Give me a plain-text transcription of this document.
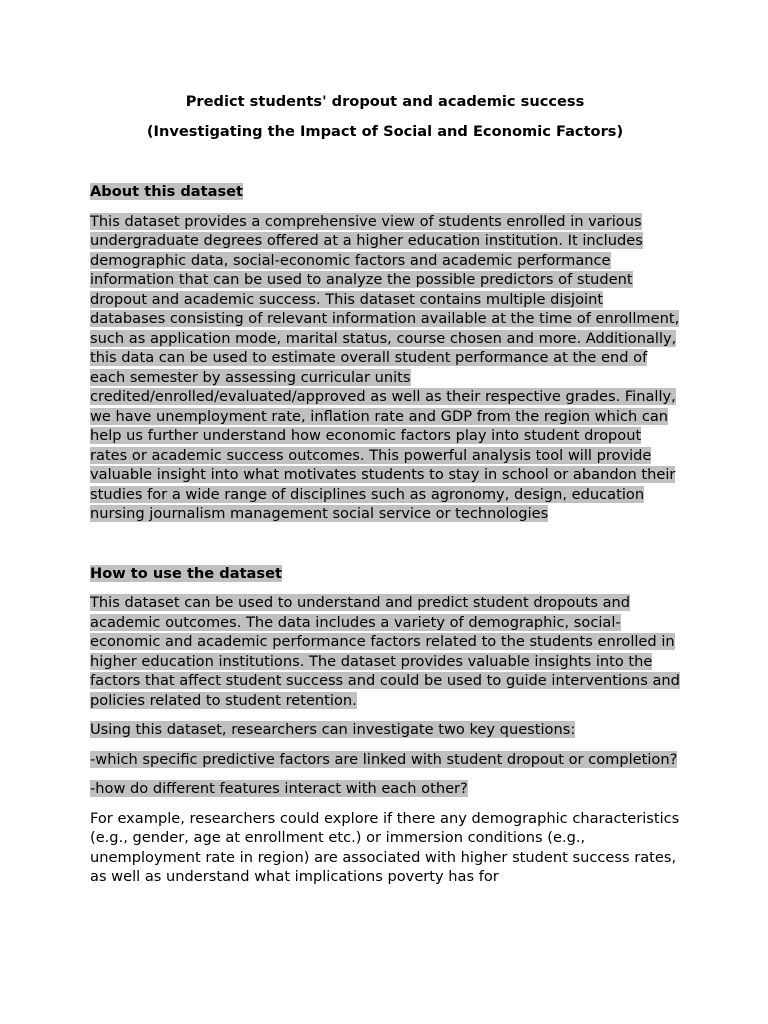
Predict students' dropout and academic success

(Investigating the Impact of Social and Economic Factors)

About this dataset

This dataset provides a comprehensive view of students enrolled in various undergraduate degrees offered at a higher education institution. It includes demographic data, social-economic factors and academic performance information that can be used to analyze the possible predictors of student dropout and academic success. This dataset contains multiple disjoint databases consisting of relevant information available at the time of enrollment, such as application mode, marital status, course chosen and more. Additionally, this data can be used to estimate overall student performance at the end of each semester by assessing curricular units credited/enrolled/evaluated/approved as well as their respective grades. Finally, we have unemployment rate, inflation rate and GDP from the region which can help us further understand how economic factors play into student dropout rates or academic success outcomes. This powerful analysis tool will provide valuable insight into what motivates students to stay in school or abandon their studies for a wide range of disciplines such as agronomy, design, education nursing journalism management social service or technologies

How to use the dataset

This dataset can be used to understand and predict student dropouts and academic outcomes. The data includes a variety of demographic, social-economic and academic performance factors related to the students enrolled in higher education institutions. The dataset provides valuable insights into the factors that affect student success and could be used to guide interventions and policies related to student retention.

Using this dataset, researchers can investigate two key questions:

-which specific predictive factors are linked with student dropout or completion?

-how do different features interact with each other?

For example, researchers could explore if there any demographic characteristics (e.g., gender, age at enrollment etc.) or immersion conditions (e.g., unemployment rate in region) are associated with higher student success rates, as well as understand what implications poverty has for
